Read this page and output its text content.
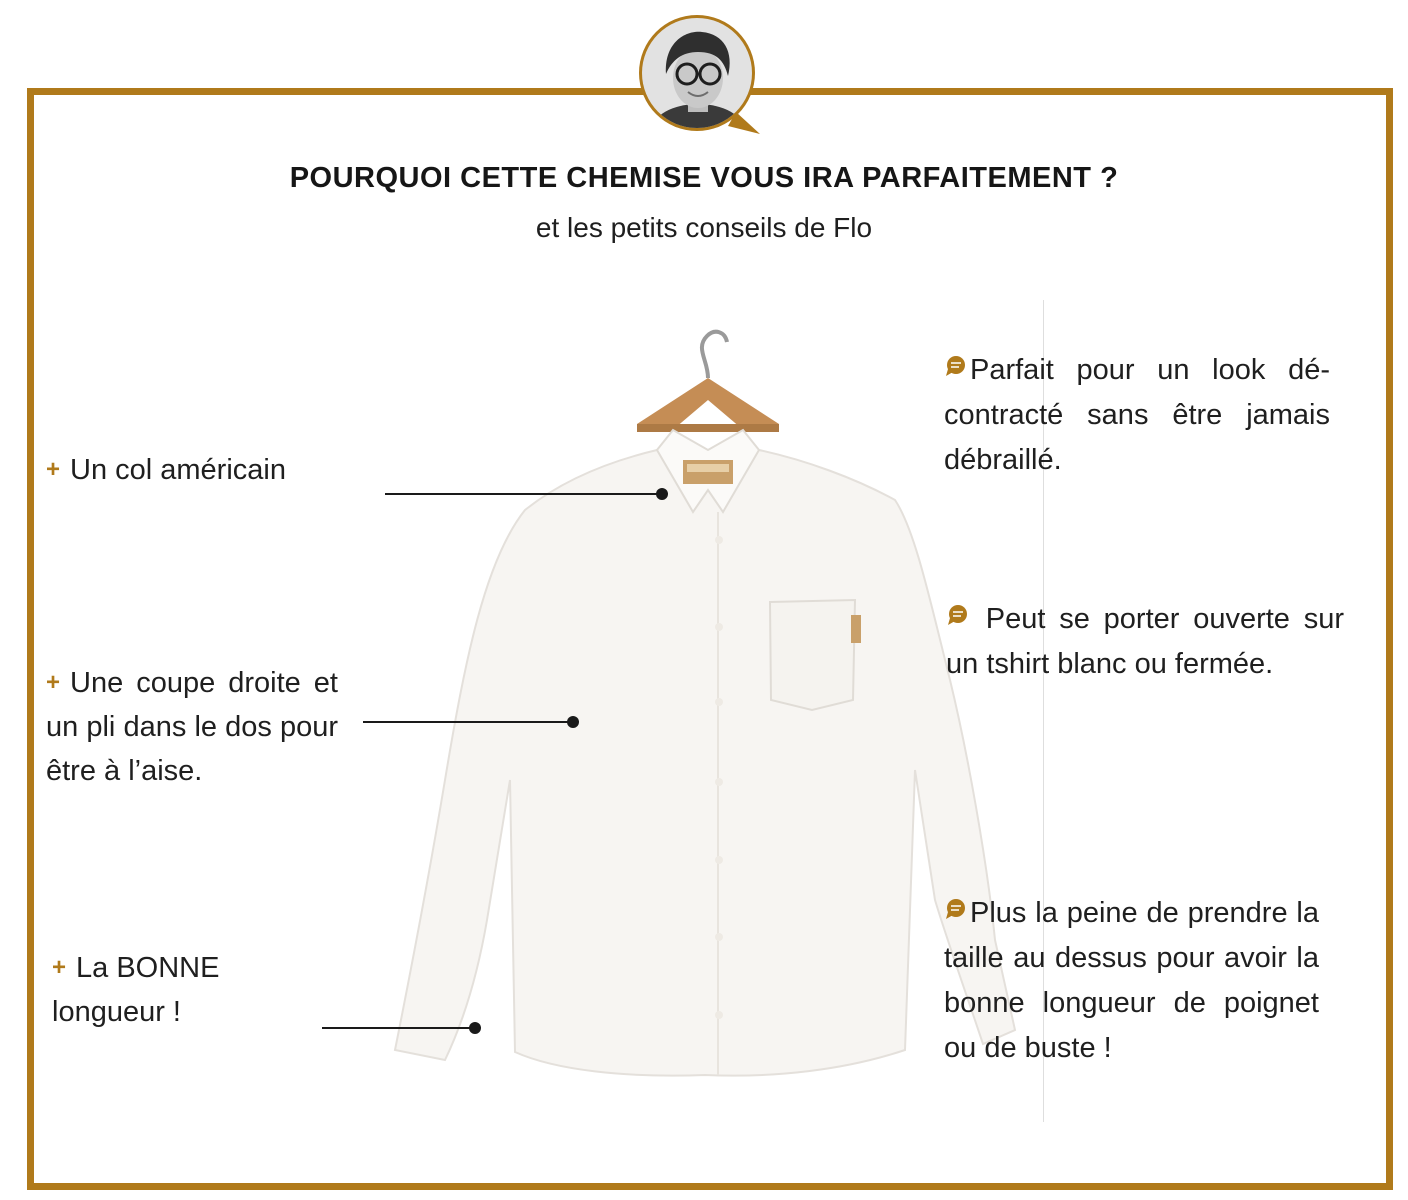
POURQUOI CETTE CHEMISE VOUS IRA PARFAITEMENT ?
et les petits conseils de Flo
+ Un col américain
+ Une coupe droite et un pli dans le dos pour être à l’aise.
+ La BONNE longueur !
Parfait pour un look dé-contracté sans être jamais débraillé.
Peut se porter ouverte sur un tshirt blanc ou fermée.
Plus la peine de prendre la taille au dessus pour avoir la bonne longueur de poignet ou de buste !
